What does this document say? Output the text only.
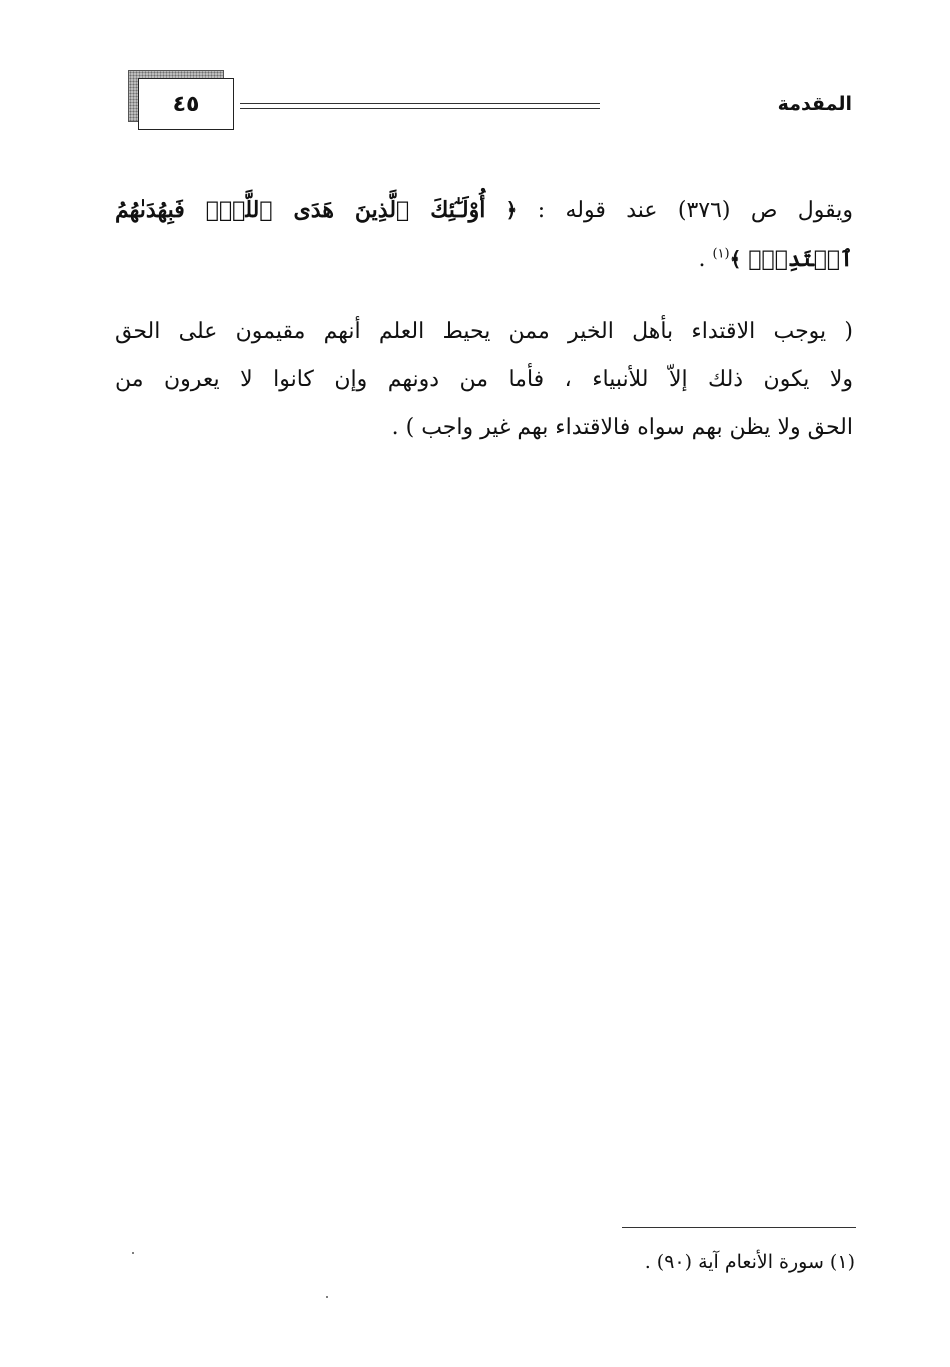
٤٥	المقدمة
ويقول ص (٣٧٦) عند قوله : ﴿ أُوْلَـٰٓئِكَ ٱلَّذِينَ هَدَى ٱللَّهُۖ فَبِهُدَىٰهُمُ
ٱقۡتَدِهۡۗ ﴾$^{(١)}$ .
( يوجب الاقتداء بأهل الخير ممن يحيط العلم أنهم مقيمون على الحق
ولا يكون ذلك إلاّ للأنبياء ، فأما من دونهم وإن كانوا لا يعرون من
الحق ولا يظن بهم سواه فالاقتداء بهم غير واجب ) .

(١) سورة الأنعام آية (٩٠) .
